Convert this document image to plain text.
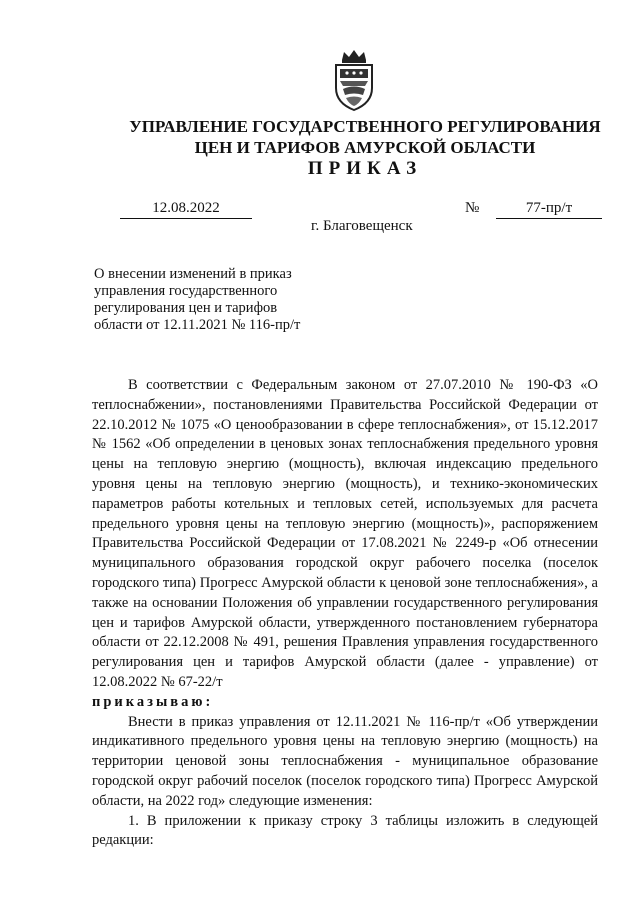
УПРАВЛЕНИЕ ГОСУДАРСТВЕННОГО РЕГУЛИРОВАНИЯ
ЦЕН И ТАРИФОВ АМУРСКОЙ ОБЛАСТИ
ПРИКАЗ
12.08.2022	№	77-пр/т
г. Благовещенск
О внесении изменений в приказ
управления государственного
регулирования цен и тарифов
области от 12.11.2021 № 116-пр/т
В соответствии с Федеральным законом от 27.07.2010 № 190-ФЗ «О теплоснабжении», постановлениями Правительства Российской Федерации от 22.10.2012 № 1075 «О ценообразовании в сфере теплоснабжения», от 15.12.2017 № 1562 «Об определении в ценовых зонах теплоснабжения предельного уровня цены на тепловую энергию (мощность), включая индексацию предельного уровня цены на тепловую энергию (мощность), и технико-экономических параметров работы котельных и тепловых сетей, используемых для расчета предельного уровня цены на тепловую энергию (мощность)», распоряжением Правительства Российской Федерации от 17.08.2021 № 2249-р «Об отнесении муниципального образования городской округ рабочего поселка (поселок городского типа) Прогресс Амурской области к ценовой зоне теплоснабжения», а также на основании Положения об управлении государственного регулирования цен и тарифов Амурской области, утвержденного постановлением губернатора области от 22.12.2008 № 491, решения Правления управления государственного регулирования цен и тарифов Амурской области (далее - управление) от 12.08.2022 № 67-22/т
приказываю:
Внести в приказ управления от 12.11.2021 № 116-пр/т «Об утверждении индикативного предельного уровня цены на тепловую энергию (мощность) на территории ценовой зоны теплоснабжения - муниципальное образование городской округ рабочий поселок (поселок городского типа) Прогресс Амурской области, на 2022 год» следующие изменения:
1. В приложении к приказу строку 3 таблицы изложить в следующей редакции:
